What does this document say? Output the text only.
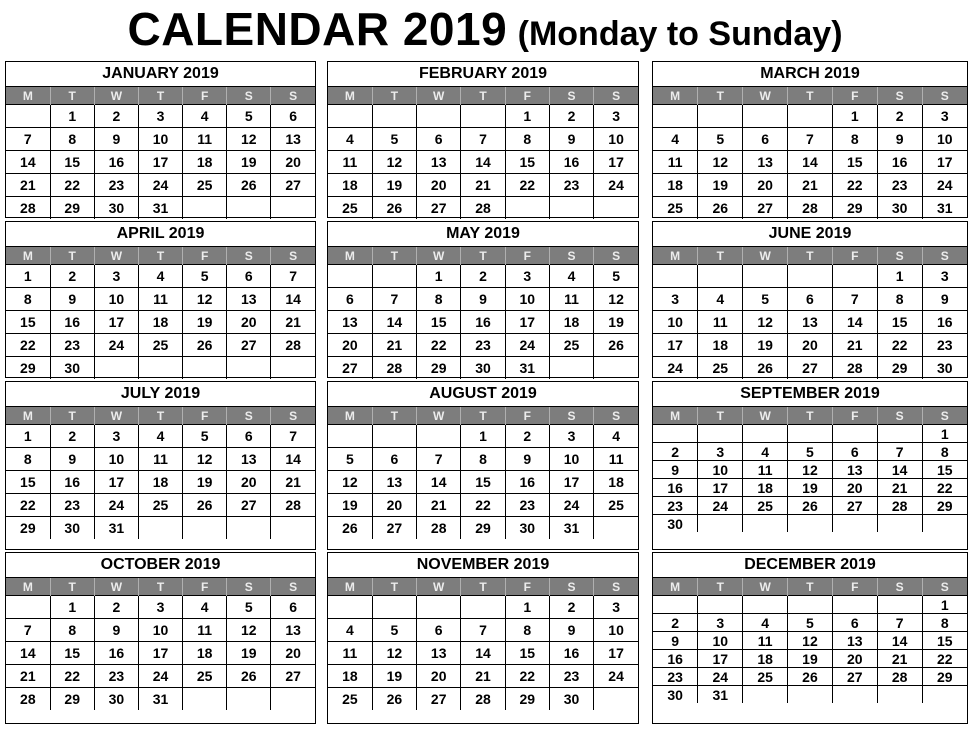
CALENDAR 2019 (Monday to Sunday)
JANUARY 2019
M	T	W	T	F	S	S
	1	2	3	4	5	6
7	8	9	10	11	12	13
14	15	16	17	18	19	20
21	22	23	24	25	26	27
28	29	30	31			
FEBRUARY 2019
M	T	W	T	F	S	S
				1	2	3
4	5	6	7	8	9	10
11	12	13	14	15	16	17
18	19	20	21	22	23	24
25	26	27	28			
MARCH 2019
M	T	W	T	F	S	S
				1	2	3
4	5	6	7	8	9	10
11	12	13	14	15	16	17
18	19	20	21	22	23	24
25	26	27	28	29	30	31
APRIL 2019
M	T	W	T	F	S	S
1	2	3	4	5	6	7
8	9	10	11	12	13	14
15	16	17	18	19	20	21
22	23	24	25	26	27	28
29	30					
MAY 2019
M	T	W	T	F	S	S
		1	2	3	4	5
6	7	8	9	10	11	12
13	14	15	16	17	18	19
20	21	22	23	24	25	26
27	28	29	30	31		
JUNE 2019
M	T	W	T	F	S	S
					1	3
3	4	5	6	7	8	9
10	11	12	13	14	15	16
17	18	19	20	21	22	23
24	25	26	27	28	29	30
JULY 2019
M	T	W	T	F	S	S
1	2	3	4	5	6	7
8	9	10	11	12	13	14
15	16	17	18	19	20	21
22	23	24	25	26	27	28
29	30	31				
AUGUST 2019
M	T	W	T	F	S	S
			1	2	3	4
5	6	7	8	9	10	11
12	13	14	15	16	17	18
19	20	21	22	23	24	25
26	27	28	29	30	31	
SEPTEMBER 2019
M	T	W	T	F	S	S
						1
2	3	4	5	6	7	8
9	10	11	12	13	14	15
16	17	18	19	20	21	22
23	24	25	26	27	28	29
30						
OCTOBER 2019
M	T	W	T	F	S	S
	1	2	3	4	5	6
7	8	9	10	11	12	13
14	15	16	17	18	19	20
21	22	23	24	25	26	27
28	29	30	31			
NOVEMBER 2019
M	T	W	T	F	S	S
				1	2	3
4	5	6	7	8	9	10
11	12	13	14	15	16	17
18	19	20	21	22	23	24
25	26	27	28	29	30	
DECEMBER 2019
M	T	W	T	F	S	S
						1
2	3	4	5	6	7	8
9	10	11	12	13	14	15
16	17	18	19	20	21	22
23	24	25	26	27	28	29
30	31					
